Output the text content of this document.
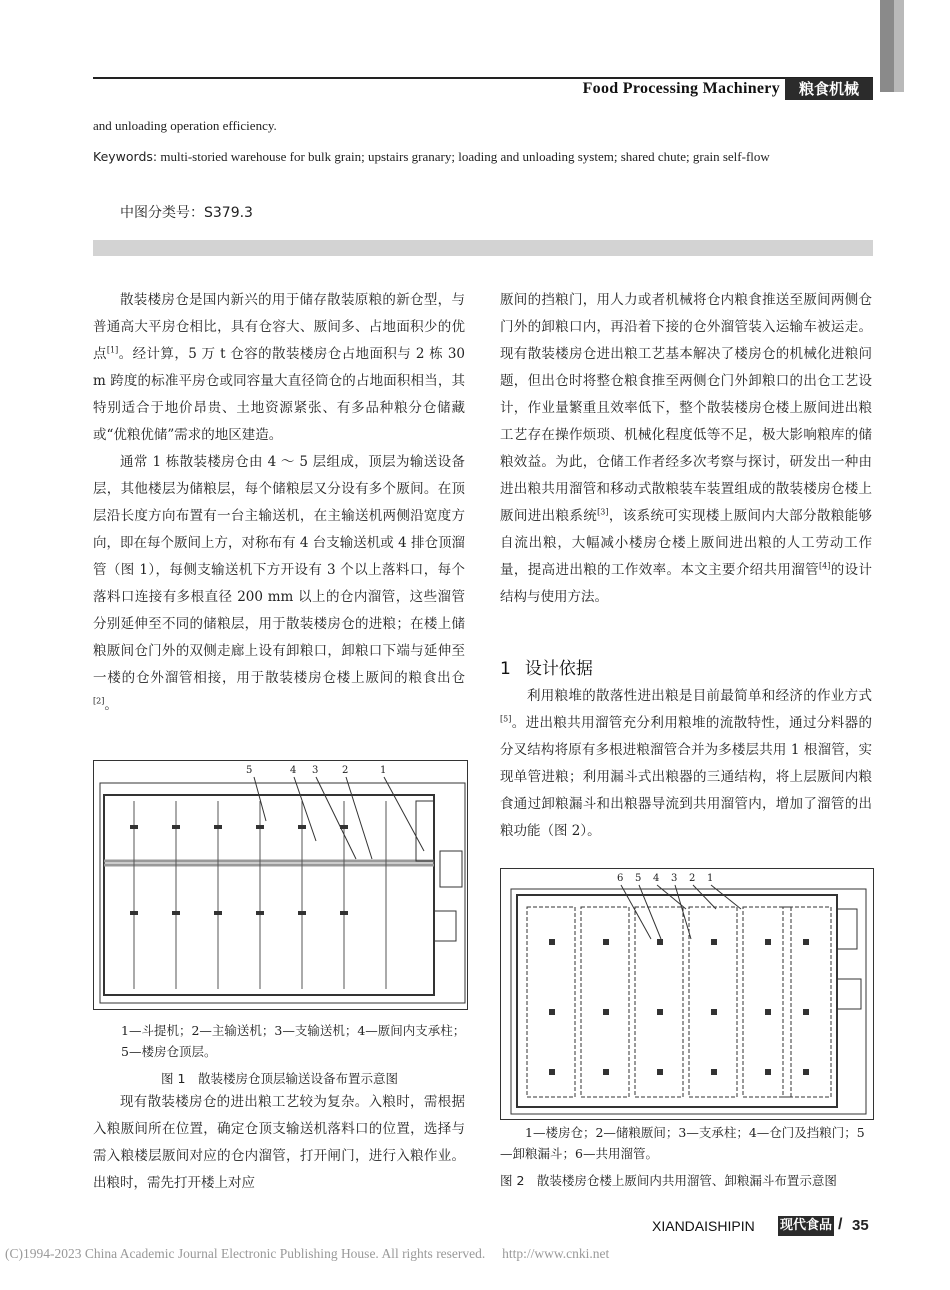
Food Processing Machinery	粮食机械
and unloading operation efficiency.
Keywords: multi-storied warehouse for bulk grain; upstairs granary; loading and unloading system; shared chute; grain self-flow
中图分类号：S379.3

散装楼房仓是国内新兴的用于储存散装原粮的新仓型，与普通高大平房仓相比，具有仓容大、厫间多、占地面积少的优点[1]。经计算，5 万 t 仓容的散装楼房仓占地面积与 2 栋 30 m 跨度的标准平房仓或同容量大直径筒仓的占地面积相当，其特别适合于地价昂贵、土地资源紧张、有多品种粮分仓储藏或“优粮优储”需求的地区建造。

通常 1 栋散装楼房仓由 4 ～ 5 层组成，顶层为输送设备层，其他楼层为储粮层，每个储粮层又分设有多个厫间。在顶层沿长度方向布置有一台主输送机，在主输送机两侧沿宽度方向，即在每个厫间上方，对称布有 4 台支输送机或 4 排仓顶溜管（图 1），每侧支输送机下方开设有 3 个以上落料口，每个落料口连接有多根直径 200 mm 以上的仓内溜管，这些溜管分别延伸至不同的储粮层，用于散装楼房仓的进粮；在楼上储粮厫间仓门外的双侧走廊上设有卸粮口，卸粮口下端与延伸至一楼的仓外溜管相接，用于散装楼房仓楼上厫间的粮食出仓[2]。

5	4 3 2	1
1—斗提机；2—主输送机；3—支输送机；4—厫间内支承柱；5—楼房仓顶层。
图 1　散装楼房仓顶层输送设备布置示意图

现有散装楼房仓的进出粮工艺较为复杂。入粮时，需根据入粮厫间所在位置，确定仓顶支输送机落料口的位置，选择与需入粮楼层厫间对应的仓内溜管，打开闸门，进行入粮作业。出粮时，需先打开楼上对应

厫间的挡粮门，用人力或者机械将仓内粮食推送至厫间两侧仓门外的卸粮口内，再沿着下接的仓外溜管装入运输车被运走。现有散装楼房仓进出粮工艺基本解决了楼房仓的机械化进粮问题，但出仓时将整仓粮食推至两侧仓门外卸粮口的出仓工艺设计，作业量繁重且效率低下，整个散装楼房仓楼上厫间进出粮工艺存在操作烦琐、机械化程度低等不足，极大影响粮库的储粮效益。为此，仓储工作者经多次考察与探讨，研发出一种由进出粮共用溜管和移动式散粮装车装置组成的散装楼房仓楼上厫间进出粮系统[3]，该系统可实现楼上厫间内大部分散粮能够自流出粮，大幅减小楼房仓楼上厫间进出粮的人工劳动工作量，提高进出粮的工作效率。本文主要介绍共用溜管[4]的设计结构与使用方法。

1 设计依据

利用粮堆的散落性进出粮是目前最简单和经济的作业方式[5]。进出粮共用溜管充分利用粮堆的流散特性，通过分料器的分叉结构将原有多根进粮溜管合并为多楼层共用 1 根溜管，实现单管进粮；利用漏斗式出粮器的三通结构，将上层厫间内粮食通过卸粮漏斗和出粮器导流到共用溜管内，增加了溜管的出粮功能（图 2）。

6 5 4 3 2 1
1—楼房仓；2—储粮厫间；3—支承柱；4—仓门及挡粮门；5—卸粮漏斗；6—共用溜管。
图 2　散装楼房仓楼上厫间内共用溜管、卸粮漏斗布置示意图
XIANDAISHIPIN 现代食品 / 35
(C)1994-2023 China Academic Journal Electronic Publishing House. All rights reserved.　 http://www.cnki.net
